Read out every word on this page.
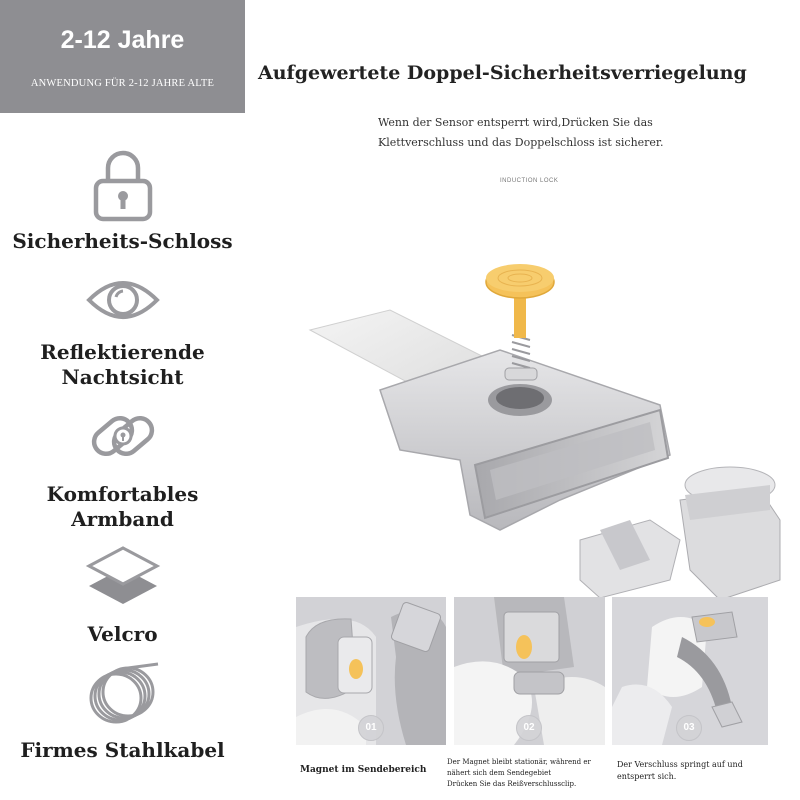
2-12 Jahre
ANWENDUNG FÜR 2-12 JAHRE ALTE
Sicherheits-Schloss
Reflektierende
Nachtsicht
Komfortables
Armband
Velcro
Firmes Stahlkabel
Aufgewertete Doppel-Sicherheitsverriegelung
Wenn der Sensor entsperrt wird,Drücken Sie das
Klettverschluss und das Doppelschloss ist sicherer.
INDUCTION LOCK
01	02	03
Magnet im Sendebereich
Der Magnet bleibt stationär, während er
nähert sich dem Sendegebiet
Drücken Sie das Reißverschlussclip.
Der Verschluss springt auf und
entsperrt sich.
